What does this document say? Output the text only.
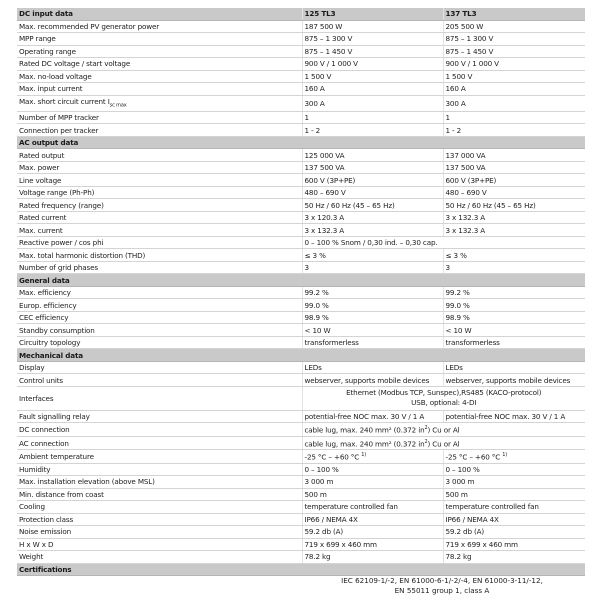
DC input data	125 TL3	137 TL3
Max. recommended PV generator power	187 500 W	205 500 W
MPP range	875 – 1 300 V	875 – 1 300 V
Operating range	875 – 1 450 V	875 – 1 450 V
Rated DC voltage / start voltage	900 V / 1 000 V	900 V / 1 000 V
Max. no-load voltage	1 500 V	1 500 V
Max. input current	160 A	160 A
Max. short circuit current $I_{sc max}$	300 A	300 A
Number of MPP tracker	1	1
Connection per tracker	1 - 2	1 - 2
AC output data		
Rated output	125 000 VA	137 000 VA
Max. power	137 500 VA	137 500 VA
Line voltage	600 V (3P+PE)	600 V (3P+PE)
Voltage range (Ph-Ph)	480 – 690 V	480 – 690 V
Rated frequency (range)	50 Hz / 60 Hz (45 – 65 Hz)	50 Hz / 60 Hz (45 – 65 Hz)
Rated current	3 x 120.3 A	3 x 132.3 A
Max. current	3 x 132.3 A	3 x 132.3 A
Reactive power / cos phi	0 – 100 % Snom / 0,30 ind. – 0,30 cap.	
Max. total harmonic distortion (THD)	≤ 3 %	≤ 3 %
Number of grid phases	3	3
General data		
Max. efficiency	99.2 %	99.2 %
Europ. efficiency	99.0 %	99.0 %
CEC efficiency	98.9 %	98.9 %
Standby consumption	< 10 W	< 10 W
Circuitry topology	transformerless	transformerless
Mechanical data		
Display	LEDs	LEDs
Control units	webserver, supports mobile devices	webserver, supports mobile devices
Interfaces	Ethernet (Modbus TCP, Sunspec),RS485 (KACO-protocol)
USB, optional: 4-DI	

Fault signalling relay	potential-free NOC max. 30 V / 1 A	potential-free NOC max. 30 V / 1 A
DC connection	cable lug, max. 240 mm² (0.372 $in^2$) Cu or Al	
AC connection	cable lug, max. 240 mm² (0.372 $in^2$) Cu or Al	
Ambient temperature	-25 °C – +60 °C $^{1)}$	-25 °C – +60 °C $^{1)}$
Humidity	0 – 100 %	0 – 100 %
Max. installation elevation (above MSL)	3 000 m	3 000 m
Min. distance from coast	500 m	500 m
Cooling	temperature controlled fan	temperature controlled fan
Protection class	IP66 / NEMA 4X	IP66 / NEMA 4X
Noise emission	59.2 db (A)	59.2 db (A)
H x W x D	719 x 699 x 460 mm	719 x 699 x 460 mm
Weight	78.2 kg	78.2 kg
Certifications		
IEC 62109-1/-2, EN 61000-6-1/-2/-4, EN 61000-3-11/-12,
EN 55011 group 1, class A
